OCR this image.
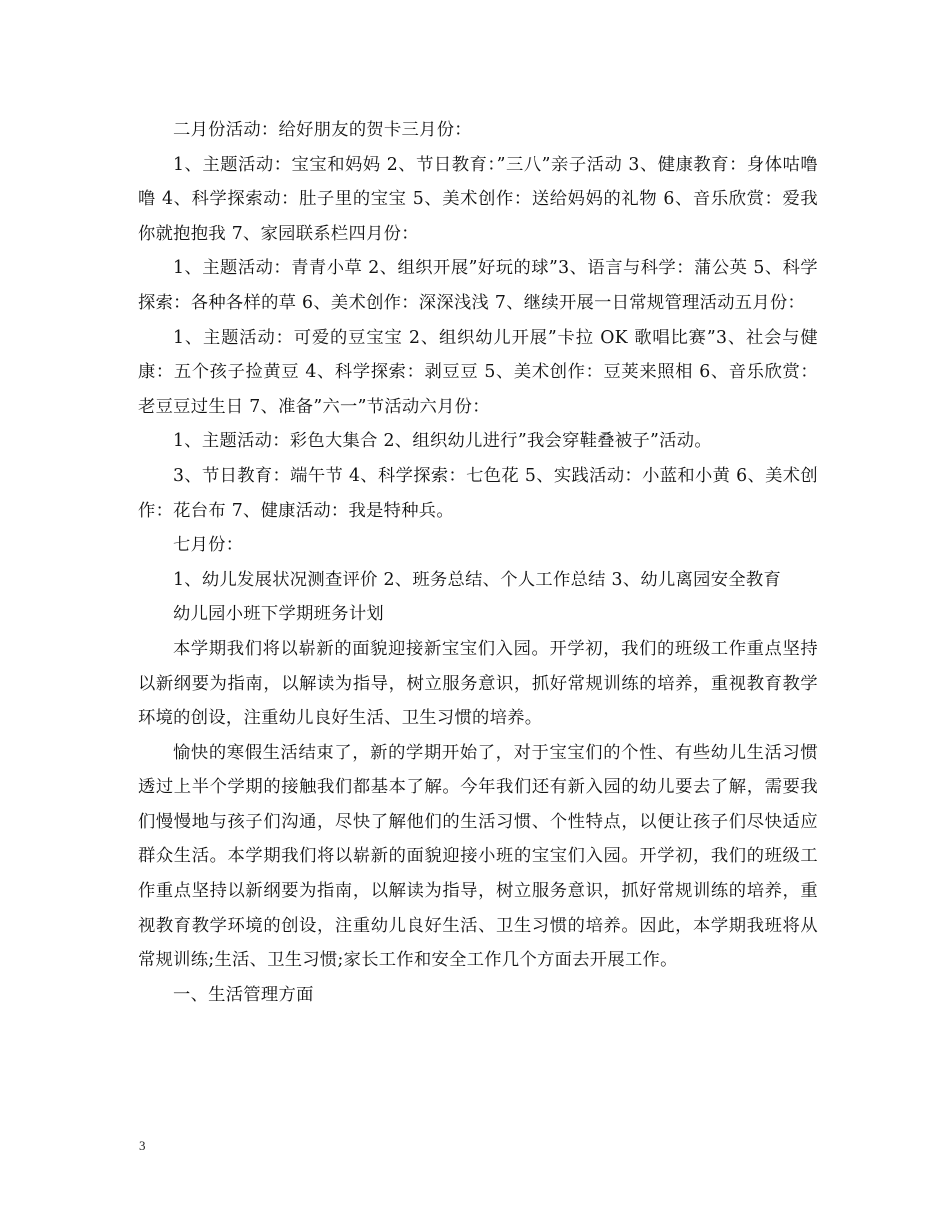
二月份活动：给好朋友的贺卡三月份：

1、主题活动：宝宝和妈妈 2、节日教育：”三八”亲子活动 3、健康教育：身体咕噜噜 4、科学探索动：肚子里的宝宝 5、美术创作：送给妈妈的礼物 6、音乐欣赏：爱我你就抱抱我 7、家园联系栏四月份：

1、主题活动：青青小草 2、组织开展”好玩的球”3、语言与科学：蒲公英 5、科学探索：各种各样的草 6、美术创作：深深浅浅 7、继续开展一日常规管理活动五月份：

1、主题活动：可爱的豆宝宝 2、组织幼儿开展”卡拉 OK 歌唱比赛”3、社会与健康：五个孩子捡黄豆 4、科学探索：剥豆豆 5、美术创作：豆荚来照相 6、音乐欣赏：老豆豆过生日 7、准备”六一”节活动六月份：

1、主题活动：彩色大集合 2、组织幼儿进行”我会穿鞋叠被子”活动。

3、节日教育：端午节 4、科学探索：七色花 5、实践活动：小蓝和小黄 6、美术创作：花台布 7、健康活动：我是特种兵。

七月份：

1、幼儿发展状况测查评价 2、班务总结、个人工作总结 3、幼儿离园安全教育

幼儿园小班下学期班务计划

本学期我们将以崭新的面貌迎接新宝宝们入园。开学初，我们的班级工作重点坚持以新纲要为指南，以解读为指导，树立服务意识，抓好常规训练的培养，重视教育教学环境的创设，注重幼儿良好生活、卫生习惯的培养。

愉快的寒假生活结束了，新的学期开始了，对于宝宝们的个性、有些幼儿生活习惯透过上半个学期的接触我们都基本了解。今年我们还有新入园的幼儿要去了解，需要我们慢慢地与孩子们沟通，尽快了解他们的生活习惯、个性特点，以便让孩子们尽快适应群众生活。本学期我们将以崭新的面貌迎接小班的宝宝们入园。开学初，我们的班级工作重点坚持以新纲要为指南，以解读为指导，树立服务意识，抓好常规训练的培养，重视教育教学环境的创设，注重幼儿良好生活、卫生习惯的培养。因此，本学期我班将从常规训练;生活、卫生习惯;家长工作和安全工作几个方面去开展工作。

一、生活管理方面

3
